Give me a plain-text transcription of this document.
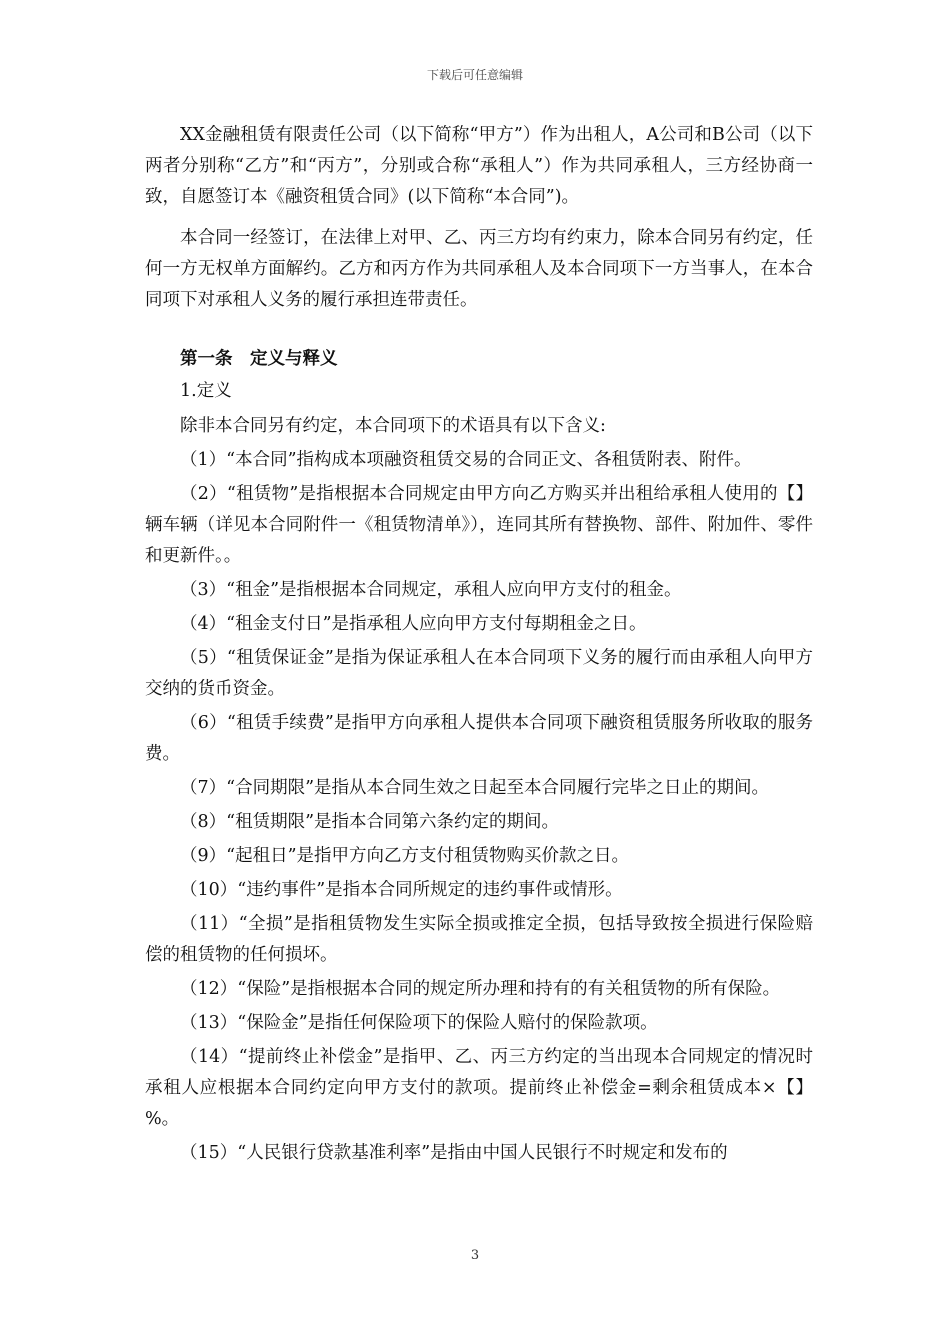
下载后可任意编辑

XX金融租赁有限责任公司（以下简称“甲方”）作为出租人，A公司和B公司（以下两者分别称“乙方”和“丙方”，分别或合称“承租人”）作为共同承租人，三方经协商一致，自愿签订本《融资租赁合同》(以下简称“本合同”)。

本合同一经签订，在法律上对甲、乙、丙三方均有约束力，除本合同另有约定，任何一方无权单方面解约。乙方和丙方作为共同承租人及本合同项下一方当事人，在本合同项下对承租人义务的履行承担连带责任。

第一条　定义与释义

1.定义

除非本合同另有约定，本合同项下的术语具有以下含义:

（1）“本合同”指构成本项融资租赁交易的合同正文、各租赁附表、附件。

（2）“租赁物”是指根据本合同规定由甲方向乙方购买并出租给承租人使用的【】辆车辆（详见本合同附件一《租赁物清单》），连同其所有替换物、部件、附加件、零件和更新件。。

（3）“租金”是指根据本合同规定，承租人应向甲方支付的租金。

（4）“租金支付日”是指承租人应向甲方支付每期租金之日。

（5）“租赁保证金”是指为保证承租人在本合同项下义务的履行而由承租人向甲方交纳的货币资金。

（6）“租赁手续费”是指甲方向承租人提供本合同项下融资租赁服务所收取的服务费。

（7）“合同期限”是指从本合同生效之日起至本合同履行完毕之日止的期间。

（8）“租赁期限”是指本合同第六条约定的期间。

（9）“起租日”是指甲方向乙方支付租赁物购买价款之日。

（10）“违约事件”是指本合同所规定的违约事件或情形。

（11）“全损”是指租赁物发生实际全损或推定全损，包括导致按全损进行保险赔偿的租赁物的任何损坏。

（12）“保险”是指根据本合同的规定所办理和持有的有关租赁物的所有保险。

（13）“保险金”是指任何保险项下的保险人赔付的保险款项。

（14）“提前终止补偿金”是指甲、乙、丙三方约定的当出现本合同规定的情况时承租人应根据本合同约定向甲方支付的款项。提前终止补偿金=剩余租赁成本×【】%。

（15）“人民银行贷款基准利率”是指由中国人民银行不时规定和发布的

3
